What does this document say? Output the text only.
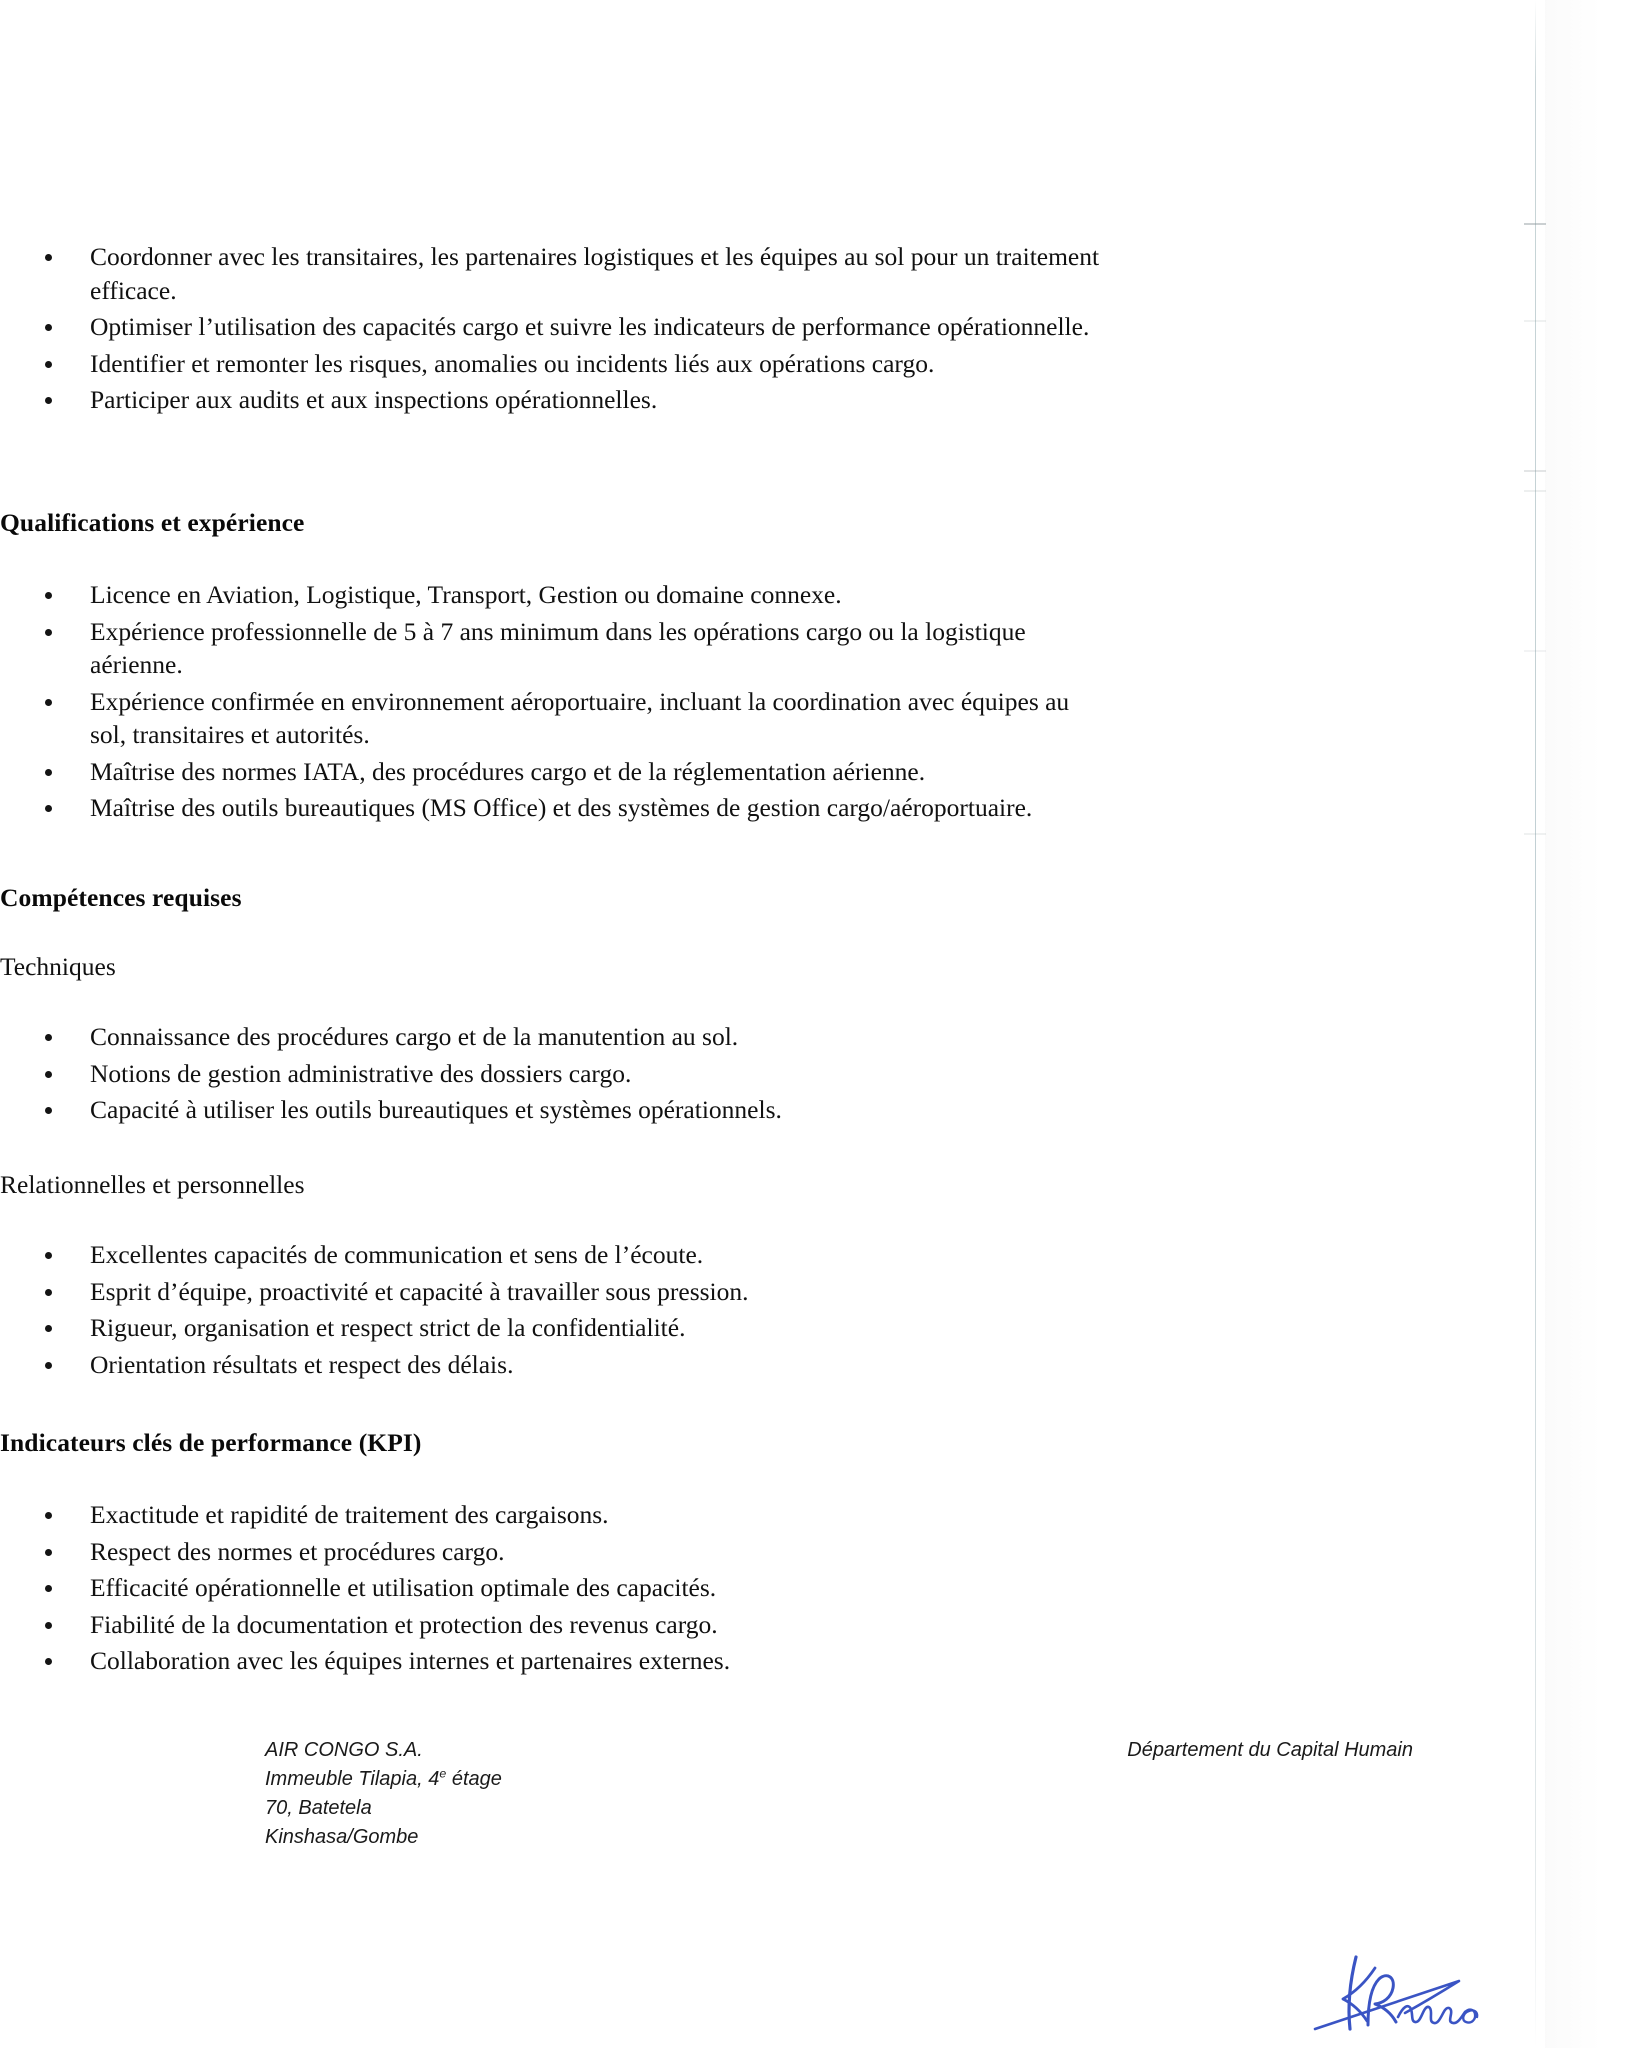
Coordonner avec les transitaires, les partenaires logistiques et les équipes au sol pour un traitement efficace.
Optimiser l’utilisation des capacités cargo et suivre les indicateurs de performance opérationnelle.
Identifier et remonter les risques, anomalies ou incidents liés aux opérations cargo.
Participer aux audits et aux inspections opérationnelles.
Qualifications et expérience
Licence en Aviation, Logistique, Transport, Gestion ou domaine connexe.
Expérience professionnelle de 5 à 7 ans minimum dans les opérations cargo ou la logistique aérienne.
Expérience confirmée en environnement aéroportuaire, incluant la coordination avec équipes au sol, transitaires et autorités.
Maîtrise des normes IATA, des procédures cargo et de la réglementation aérienne.
Maîtrise des outils bureautiques (MS Office) et des systèmes de gestion cargo/aéroportuaire.
Compétences requises

Techniques

Connaissance des procédures cargo et de la manutention au sol.
Notions de gestion administrative des dossiers cargo.
Capacité à utiliser les outils bureautiques et systèmes opérationnels.

Relationnelles et personnelles

Excellentes capacités de communication et sens de l’écoute.
Esprit d’équipe, proactivité et capacité à travailler sous pression.
Rigueur, organisation et respect strict de la confidentialité.
Orientation résultats et respect des délais.
Indicateurs clés de performance (KPI)
Exactitude et rapidité de traitement des cargaisons.
Respect des normes et procédures cargo.
Efficacité opérationnelle et utilisation optimale des capacités.
Fiabilité de la documentation et protection des revenus cargo.
Collaboration avec les équipes internes et partenaires externes.
AIR CONGO S.A.
Immeuble Tilapia, 4e étage
70, Batetela
Kinshasa/Gombe
Département du Capital Humain
